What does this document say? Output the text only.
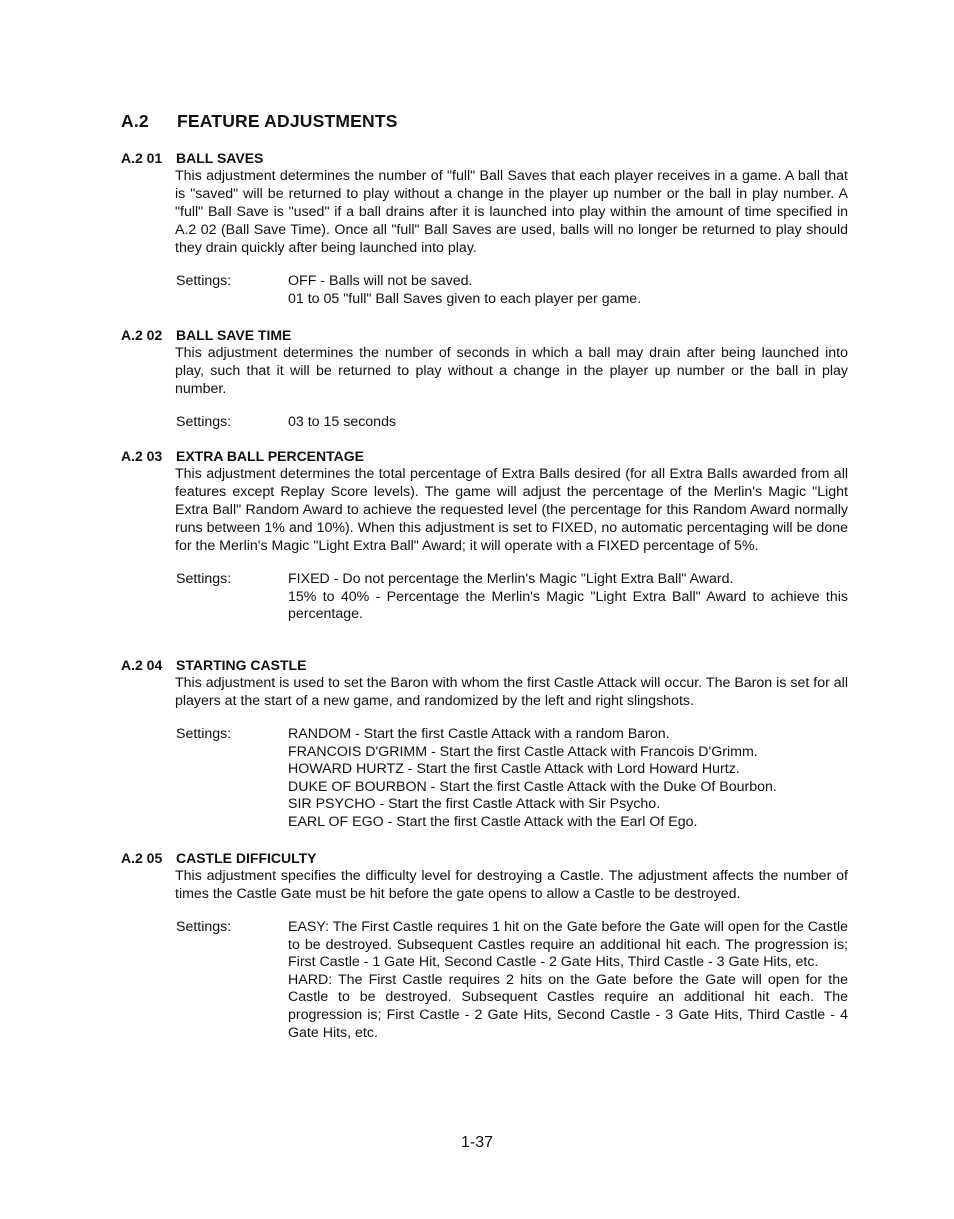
A.2 FEATURE ADJUSTMENTS

A.2 01 BALL SAVES

This adjustment determines the number of "full" Ball Saves that each player receives in a game. A ball that is "saved" will be returned to play without a change in the player up number or the ball in play number. A "full" Ball Save is "used" if a ball drains after it is launched into play within the amount of time specified in A.2 02 (Ball Save Time). Once all "full" Ball Saves are used, balls will no longer be returned to play should they drain quickly after being launched into play.

Settings:	OFF - Balls will not be saved.
01 to 05 "full" Ball Saves given to each player per game.

A.2 02 BALL SAVE TIME

This adjustment determines the number of seconds in which a ball may drain after being launched into play, such that it will be returned to play without a change in the player up number or the ball in play number.

Settings:	03 to 15 seconds

A.2 03 EXTRA BALL PERCENTAGE

This adjustment determines the total percentage of Extra Balls desired (for all Extra Balls awarded from all features except Replay Score levels). The game will adjust the percentage of the Merlin's Magic "Light Extra Ball" Random Award to achieve the requested level (the percentage for this Random Award normally runs between 1% and 10%). When this adjustment is set to FIXED, no automatic percentaging will be done for the Merlin's Magic "Light Extra Ball" Award; it will operate with a FIXED percentage of 5%.

Settings:	FIXED - Do not percentage the Merlin's Magic "Light Extra Ball" Award.
15% to 40% - Percentage the Merlin's Magic "Light Extra Ball" Award to achieve this percentage.

A.2 04 STARTING CASTLE

This adjustment is used to set the Baron with whom the first Castle Attack will occur. The Baron is set for all players at the start of a new game, and randomized by the left and right slingshots.

Settings:	RANDOM - Start the first Castle Attack with a random Baron.
FRANCOIS D'GRIMM - Start the first Castle Attack with Francois D'Grimm.
HOWARD HURTZ - Start the first Castle Attack with Lord Howard Hurtz.
DUKE OF BOURBON - Start the first Castle Attack with the Duke Of Bourbon.
SIR PSYCHO - Start the first Castle Attack with Sir Psycho.
EARL OF EGO - Start the first Castle Attack with the Earl Of Ego.

A.2 05 CASTLE DIFFICULTY

This adjustment specifies the difficulty level for destroying a Castle. The adjustment affects the number of times the Castle Gate must be hit before the gate opens to allow a Castle to be destroyed.

Settings:	EASY: The First Castle requires 1 hit on the Gate before the Gate will open for the Castle to be destroyed. Subsequent Castles require an additional hit each. The progression is; First Castle - 1 Gate Hit, Second Castle - 2 Gate Hits, Third Castle - 3 Gate Hits, etc.
HARD: The First Castle requires 2 hits on the Gate before the Gate will open for the Castle to be destroyed. Subsequent Castles require an additional hit each. The progression is; First Castle - 2 Gate Hits, Second Castle - 3 Gate Hits, Third Castle - 4 Gate Hits, etc.
1-37
